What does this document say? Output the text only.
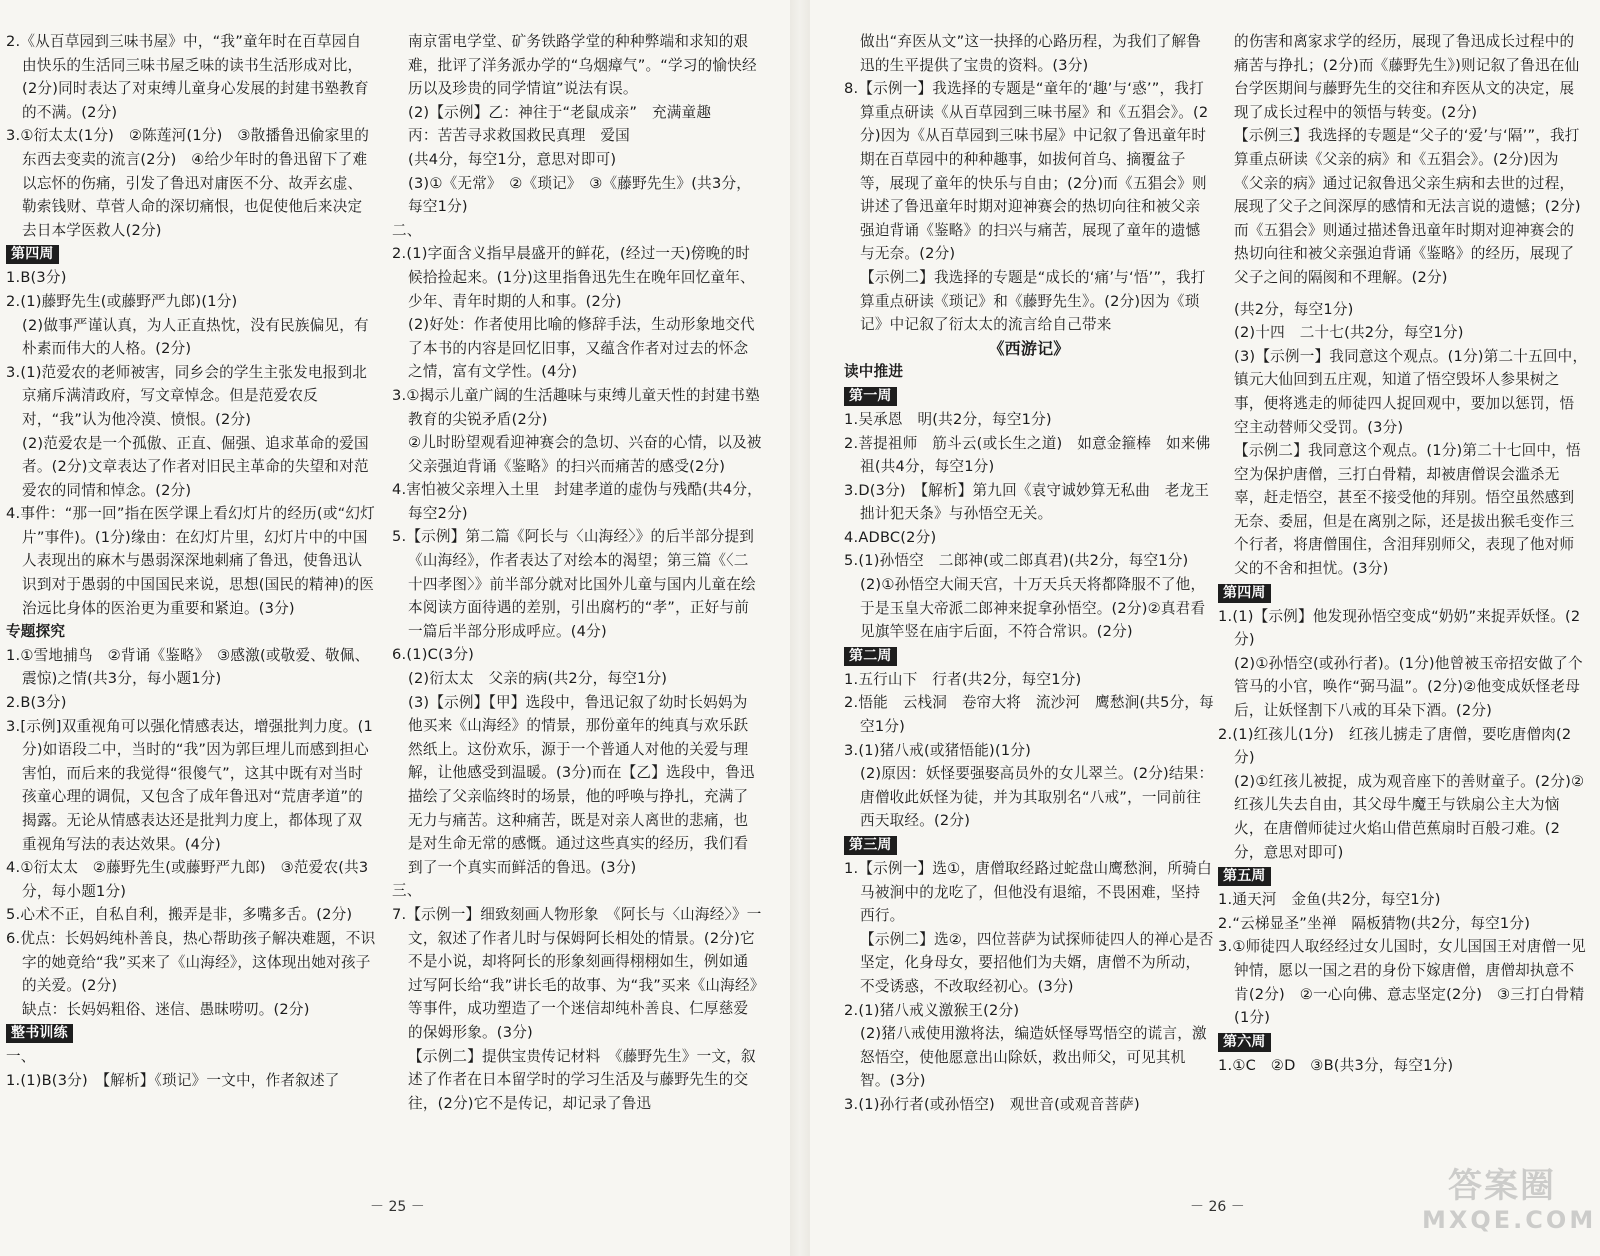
2.《从百草园到三味书屋》中，“我”童年时在百草园自由快乐的生活同三味书屋乏味的读书生活形成对比，(2分)同时表达了对束缚儿童身心发展的封建书塾教育的不满。(2分)

3.①衍太太(1分)　②陈莲河(1分)　③散播鲁迅偷家里的东西去变卖的流言(2分)　④给少年时的鲁迅留下了难以忘怀的伤痛，引发了鲁迅对庸医不分、故弄玄虚、勒索钱财、草菅人命的深切痛恨，也促使他后来决定去日本学医救人(2分)

第四周

1.B(3分)

2.(1)藤野先生(或藤野严九郎)(1分)

(2)做事严谨认真，为人正直热忱，没有民族偏见，有朴素而伟大的人格。(2分)

3.(1)范爱农的老师被害，同乡会的学生主张发电报到北京痛斥满清政府，写文章悼念。但是范爱农反对，“我”认为他冷漠、愤恨。(2分)

(2)范爱农是一个孤傲、正直、倔强、追求革命的爱国者。(2分)文章表达了作者对旧民主革命的失望和对范爱农的同情和悼念。(2分)

4.事件：“那一回”指在医学课上看幻灯片的经历(或“幻灯片”事件)。(1分)缘由：在幻灯片里，幻灯片中的中国人表现出的麻木与愚弱深深地刺痛了鲁迅，使鲁迅认识到对于愚弱的中国国民来说，思想(国民的精神)的医治远比身体的医治更为重要和紧迫。(3分)

专题探究

1.①雪地捕鸟　②背诵《鉴略》　③感激(或敬爱、敬佩、震惊)之情(共3分，每小题1分)

2.B(3分)

3.[示例]双重视角可以强化情感表达，增强批判力度。(1分)如语段二中，当时的“我”因为郭巨埋儿而感到担心害怕，而后来的我觉得“很傻气”，这其中既有对当时孩童心理的调侃，又包含了成年鲁迅对“荒唐孝道”的揭露。无论从情感表达还是批判力度上，都体现了双重视角写法的表达效果。(4分)

4.①衍太太　②藤野先生(或藤野严九郎)　③范爱农(共3分，每小题1分)

5.心术不正，自私自利，搬弄是非，多嘴多舌。(2分)

6.优点：长妈妈纯朴善良，热心帮助孩子解决难题，不识字的她竟给“我”买来了《山海经》，这体现出她对孩子的关爱。(2分)

缺点：长妈妈粗俗、迷信、愚昧唠叨。(2分)

整书训练

一、

1.(1)B(3分)　【解析】《琐记》一文中，作者叙述了

南京雷电学堂、矿务铁路学堂的种种弊端和求知的艰难，批评了洋务派办学的“乌烟瘴气”。“学习的愉快经历以及珍贵的同学情谊”说法有误。

(2)【示例】乙：神往于“老鼠成亲”　充满童趣

丙：苦苦寻求救国救民真理　爱国

(共4分，每空1分，意思对即可)

(3)①《无常》　②《琐记》　③《藤野先生》(共3分，每空1分)

二、

2.(1)字面含义指早晨盛开的鲜花，(经过一天)傍晚的时候拾捡起来。(1分)这里指鲁迅先生在晚年回忆童年、少年、青年时期的人和事。(2分)

(2)好处：作者使用比喻的修辞手法，生动形象地交代了本书的内容是回忆旧事，又蕴含作者对过去的怀念之情，富有文学性。(4分)

3.①揭示儿童广阔的生活趣味与束缚儿童天性的封建书塾教育的尖锐矛盾(2分)

②儿时盼望观看迎神赛会的急切、兴奋的心情，以及被父亲强迫背诵《鉴略》的扫兴而痛苦的感受(2分)

4.害怕被父亲埋入土里　封建孝道的虚伪与残酷(共4分，每空2分)

5.【示例】第二篇《阿长与〈山海经〉》的后半部分提到《山海经》，作者表达了对绘本的渴望；第三篇《〈二十四孝图〉》前半部分就对比国外儿童与国内儿童在绘本阅读方面待遇的差别，引出腐朽的“孝”，正好与前一篇后半部分形成呼应。(4分)

6.(1)C(3分)

(2)衍太太　父亲的病(共2分，每空1分)

(3)【示例】【甲】选段中，鲁迅记叙了幼时长妈妈为他买来《山海经》的情景，那份童年的纯真与欢乐跃然纸上。这份欢乐，源于一个普通人对他的关爱与理解，让他感受到温暖。(3分)而在【乙】选段中，鲁迅描绘了父亲临终时的场景，他的呼唤与挣扎，充满了无力与痛苦。这种痛苦，既是对亲人离世的悲痛，也是对生命无常的感慨。通过这些真实的经历，我们看到了一个真实而鲜活的鲁迅。(3分)

三、

7.【示例一】细致刻画人物形象　《阿长与〈山海经〉》一文，叙述了作者儿时与保姆阿长相处的情景。(2分)它不是小说，却将阿长的形象刻画得栩栩如生，例如通过写阿长给“我”讲长毛的故事、为“我”买来《山海经》等事件，成功塑造了一个迷信却纯朴善良、仁厚慈爱的保姆形象。(3分)

【示例二】提供宝贵传记材料　《藤野先生》一文，叙述了作者在日本留学时的学习生活及与藤野先生的交往，(2分)它不是传记，却记录了鲁迅

－ 25 －

做出“弃医从文”这一抉择的心路历程，为我们了解鲁迅的生平提供了宝贵的资料。(3分)

8.【示例一】我选择的专题是“童年的‘趣’与‘惑’”，我打算重点研读《从百草园到三味书屋》和《五猖会》。(2分)因为《从百草园到三味书屋》中记叙了鲁迅童年时期在百草园中的种种趣事，如拔何首乌、摘覆盆子等，展现了童年的快乐与自由；(2分)而《五猖会》则讲述了鲁迅童年时期对迎神赛会的热切向往和被父亲强迫背诵《鉴略》的扫兴与痛苦，展现了童年的遗憾与无奈。(2分)

【示例二】我选择的专题是“成长的‘痛’与‘悟’”，我打算重点研读《琐记》和《藤野先生》。(2分)因为《琐记》中记叙了衍太太的流言给自己带来

《西游记》

读中推进

第一周

1.吴承恩　明(共2分，每空1分)

2.菩提祖师　筋斗云(或长生之道)　如意金箍棒　如来佛祖(共4分，每空1分)

3.D(3分)　【解析】第九回《袁守诚妙算无私曲　老龙王拙计犯天条》与孙悟空无关。

4.ADBC(2分)

5.(1)孙悟空　二郎神(或二郎真君)(共2分，每空1分)

(2)①孙悟空大闹天宫，十万天兵天将都降服不了他，于是玉皇大帝派二郎神来捉拿孙悟空。(2分)②真君看见旗竿竖在庙宇后面，不符合常识。(2分)

第二周

1.五行山下　行者(共2分，每空1分)

2.悟能　云栈洞　卷帘大将　流沙河　鹰愁涧(共5分，每空1分)

3.(1)猪八戒(或猪悟能)(1分)

(2)原因：妖怪要强娶高员外的女儿翠兰。(2分)结果：唐僧收此妖怪为徒，并为其取别名“八戒”，一同前往西天取经。(2分)

第三周

1.【示例一】选①，唐僧取经路过蛇盘山鹰愁涧，所骑白马被涧中的龙吃了，但他没有退缩，不畏困难，坚持西行。

【示例二】选②，四位菩萨为试探师徒四人的禅心是否坚定，化身母女，要招他们为夫婿，唐僧不为所动，不受诱惑，不改取经初心。(3分)

2.(1)猪八戒义激猴王(2分)

(2)猪八戒使用激将法，编造妖怪辱骂悟空的谎言，激怒悟空，使他愿意出山除妖，救出师父，可见其机智。(3分)

3.(1)孙行者(或孙悟空)　观世音(或观音菩萨)

的伤害和离家求学的经历，展现了鲁迅成长过程中的痛苦与挣扎；(2分)而《藤野先生》)则记叙了鲁迅在仙台学医期间与藤野先生的交往和弃医从文的决定，展现了成长过程中的领悟与转变。(2分)

【示例三】我选择的专题是“父子的‘爱’与‘隔’”，我打算重点研读《父亲的病》和《五猖会》。(2分)因为《父亲的病》通过记叙鲁迅父亲生病和去世的过程，展现了父子之间深厚的感情和无法言说的遗憾；(2分)而《五猖会》则通过描述鲁迅童年时期对迎神赛会的热切向往和被父亲强迫背诵《鉴略》的经历，展现了父子之间的隔阂和不理解。(2分)

(共2分，每空1分)

(2)十四　二十七(共2分，每空1分)

(3)【示例一】我同意这个观点。(1分)第二十五回中，镇元大仙回到五庄观，知道了悟空毁坏人参果树之事，便将逃走的师徒四人捉回观中，要加以惩罚，悟空主动替师父受罚。(3分)

【示例二】我同意这个观点。(1分)第二十七回中，悟空为保护唐僧，三打白骨精，却被唐僧误会滥杀无辜，赶走悟空，甚至不接受他的拜别。悟空虽然感到无奈、委屈，但是在离别之际，还是拔出猴毛变作三个行者，将唐僧围住，含泪拜别师父，表现了他对师父的不舍和担忧。(3分)

第四周

1.(1)【示例】他发现孙悟空变成“奶奶”来捉弄妖怪。(2分)

(2)①孙悟空(或孙行者)。(1分)他曾被玉帝招安做了个管马的小官，唤作“弼马温”。(2分)②他变成妖怪老母后，让妖怪割下八戒的耳朵下酒。(2分)

2.(1)红孩儿(1分)　红孩儿掳走了唐僧，要吃唐僧肉(2分)

(2)①红孩儿被捉，成为观音座下的善财童子。(2分)②红孩儿失去自由，其父母牛魔王与铁扇公主大为恼火，在唐僧师徒过火焰山借芭蕉扇时百般刁难。(2分，意思对即可)

第五周

1.通天河　金鱼(共2分，每空1分)

2.“云梯显圣”坐禅　隔板猜物(共2分，每空1分)

3.①师徒四人取经经过女儿国时，女儿国国王对唐僧一见钟情，愿以一国之君的身份下嫁唐僧，唐僧却执意不肯(2分)　②一心向佛、意志坚定(2分)　③三打白骨精(1分)

第六周

1.①C　②D　③B(共3分，每空1分)

－ 26 －
答案圈
MXQE.COM
